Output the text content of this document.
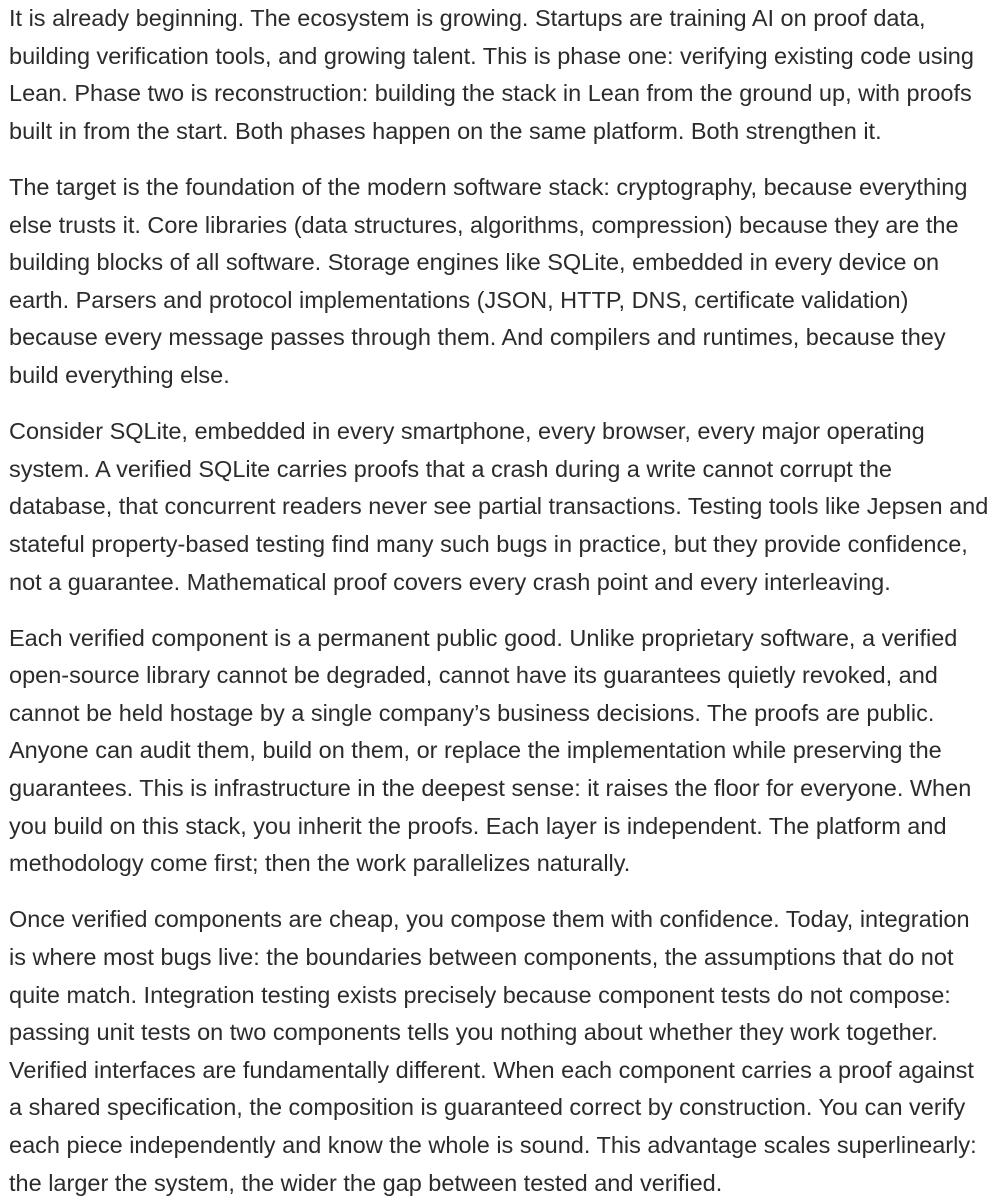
It is already beginning. The ecosystem is growing. Startups are training AI on proof data,
building verification tools, and growing talent. This is phase one: verifying existing code using
Lean. Phase two is reconstruction: building the stack in Lean from the ground up, with proofs
built in from the start. Both phases happen on the same platform. Both strengthen it.

The target is the foundation of the modern software stack: cryptography, because everything
else trusts it. Core libraries (data structures, algorithms, compression) because they are the
building blocks of all software. Storage engines like SQLite, embedded in every device on
earth. Parsers and protocol implementations (JSON, HTTP, DNS, certificate validation)
because every message passes through them. And compilers and runtimes, because they
build everything else.

Consider SQLite, embedded in every smartphone, every browser, every major operating
system. A verified SQLite carries proofs that a crash during a write cannot corrupt the
database, that concurrent readers never see partial transactions. Testing tools like Jepsen and
stateful property-based testing find many such bugs in practice, but they provide confidence,
not a guarantee. Mathematical proof covers every crash point and every interleaving.

Each verified component is a permanent public good. Unlike proprietary software, a verified
open-source library cannot be degraded, cannot have its guarantees quietly revoked, and
cannot be held hostage by a single company’s business decisions. The proofs are public.
Anyone can audit them, build on them, or replace the implementation while preserving the
guarantees. This is infrastructure in the deepest sense: it raises the floor for everyone. When
you build on this stack, you inherit the proofs. Each layer is independent. The platform and
methodology come first; then the work parallelizes naturally.

Once verified components are cheap, you compose them with confidence. Today, integration
is where most bugs live: the boundaries between components, the assumptions that do not
quite match. Integration testing exists precisely because component tests do not compose:
passing unit tests on two components tells you nothing about whether they work together.
Verified interfaces are fundamentally different. When each component carries a proof against
a shared specification, the composition is guaranteed correct by construction. You can verify
each piece independently and know the whole is sound. This advantage scales superlinearly:
the larger the system, the wider the gap between tested and verified.
